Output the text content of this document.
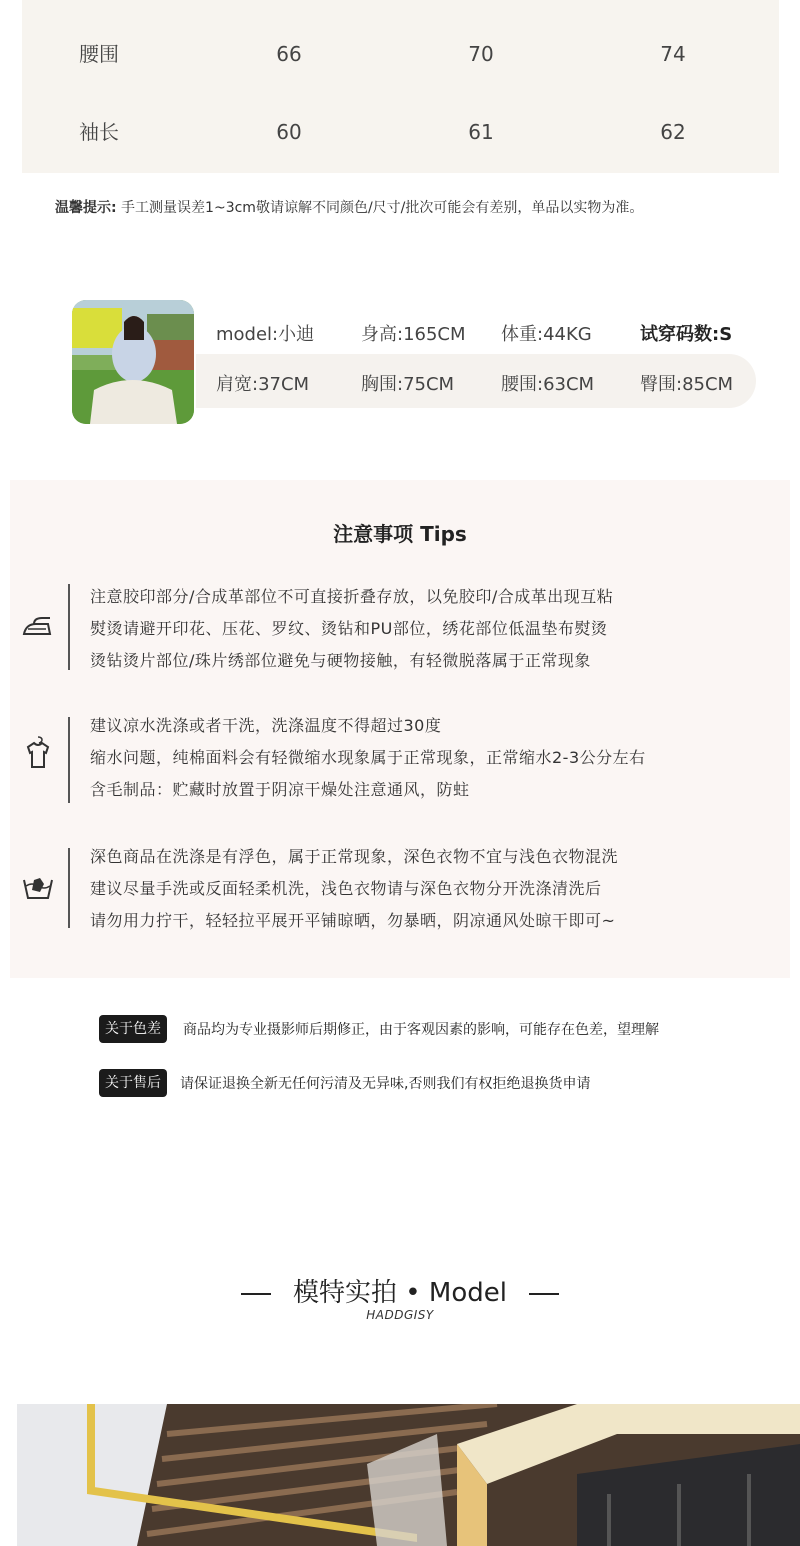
腰围	66	70	74
袖长	60	61	62
温馨提示: 手工测量误差1~3cm敬请谅解不同颜色/尺寸/批次可能会有差别，单品以实物为准。
model:小迪	身高:165CM 体重:44KG	试穿码数:S
肩宽:37CM	胸围:75CM	腰围:63CM	臀围:85CM
注意事项 Tips
注意胶印部分/合成革部位不可直接折叠存放，以免胶印/合成革出现互粘
熨烫请避开印花、压花、罗纹、烫钻和PU部位，绣花部位低温垫布熨烫
烫钻烫片部位/珠片绣部位避免与硬物接触，有轻微脱落属于正常现象
建议凉水洗涤或者干洗，洗涤温度不得超过30度
缩水问题，纯棉面料会有轻微缩水现象属于正常现象，正常缩水2-3公分左右
含毛制品：贮藏时放置于阴凉干燥处注意通风，防蛀
深色商品在洗涤是有浮色，属于正常现象，深色衣物不宜与浅色衣物混洗
建议尽量手洗或反面轻柔机洗，浅色衣物请与深色衣物分开洗涤清洗后
请勿用力拧干，轻轻拉平展开平铺晾晒，勿暴晒，阴凉通风处晾干即可~
关于色差	商品均为专业摄影师后期修正，由于客观因素的影响，可能存在色差，望理解
关于售后	请保证退换全新无任何污清及无异味,否则我们有权拒绝退换货申请
模特实拍 • Model
HADDGISY
